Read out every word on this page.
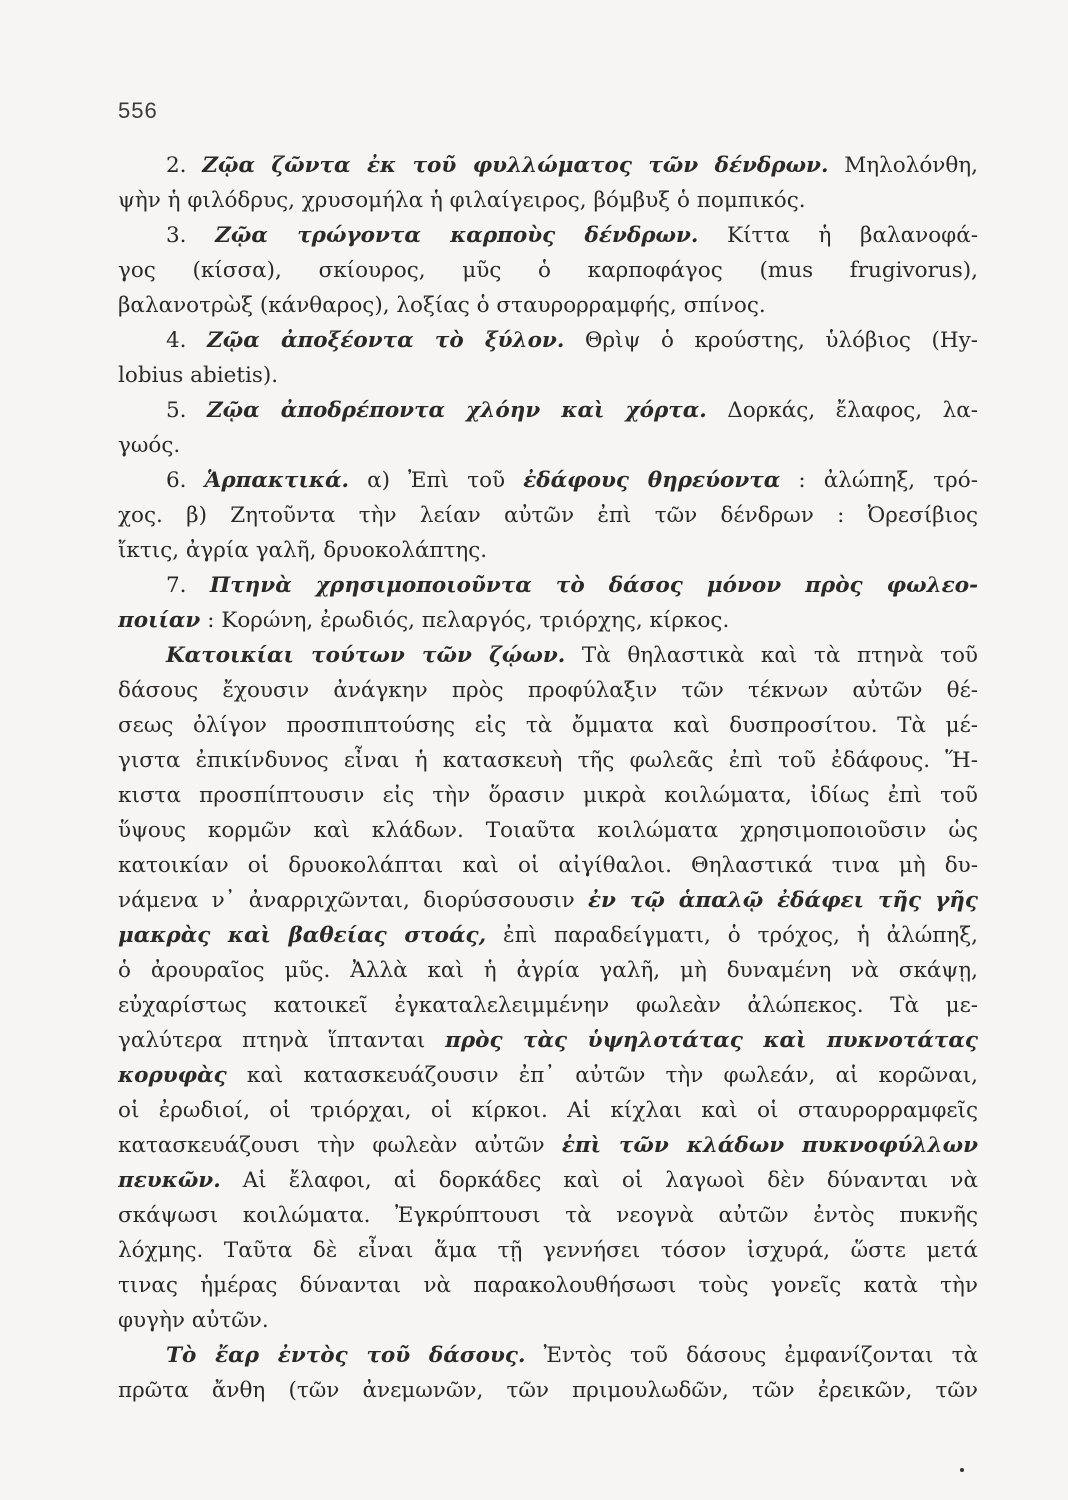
556
2. Ζῷα ζῶντα ἐκ τοῦ φυλλώματος τῶν δένδρων. Μηλολόνθη,
ψὴν ἡ φιλόδρυς, χρυσομήλα ἡ φιλαίγειρος, βόμβυξ ὁ πομπικός.
3. Ζῷα τρώγοντα καρποὺς δένδρων. Κίττα ἡ βαλανοφά-
γος (κίσσα), σκίουρος, μῦς ὁ καρποφάγος (mus frugivorus),
βαλανοτρὼξ (κάνθαρος), λοξίας ὁ σταυρορραμφής, σπίνος.
4. Ζῷα ἀποξέοντα τὸ ξύλον. Θρὶψ ὁ κρούστης, ὑλόβιος (Hy-
lobius abietis).
5. Ζῷα ἀποδρέποντα χλόην καὶ χόρτα. Δορκάς, ἔλαφος, λα-
γωός.
6. Ἁρπακτικά. α) Ἐπὶ τοῦ ἐδάφους θηρεύοντα : ἀλώπηξ, τρό-
χος. β) Ζητοῦντα τὴν λείαν αὐτῶν ἐπὶ τῶν δένδρων : Ὀρεσίβιος
ἴκτις, ἀγρία γαλῆ, δρυοκολάπτης.
7. Πτηνὰ χρησιμοποιοῦντα τὸ δάσος μόνον πρὸς φωλεο-
ποιίαν : Κορώνη, ἐρωδιός, πελαργός, τριόρχης, κίρκος.
Κατοικίαι τούτων τῶν ζῴων. Τὰ θηλαστικὰ καὶ τὰ πτηνὰ τοῦ
δάσους ἔχουσιν ἀνάγκην πρὸς προφύλαξιν τῶν τέκνων αὐτῶν θέ-
σεως ὀλίγον προσπιπτούσης εἰς τὰ ὄμματα καὶ δυσπροσίτου. Τὰ μέ-
γιστα ἐπικίνδυνος εἶναι ἡ κατασκευὴ τῆς φωλεᾶς ἐπὶ τοῦ ἐδάφους. Ἥ-
κιστα προσπίπτουσιν εἰς τὴν ὅρασιν μικρὰ κοιλώματα, ἰδίως ἐπὶ τοῦ
ὕψους κορμῶν καὶ κλάδων. Τοιαῦτα κοιλώματα χρησιμοποιοῦσιν ὡς
κατοικίαν οἱ δρυοκολάπται καὶ οἱ αἰγίθαλοι. Θηλαστικά τινα μὴ δυ-
νάμενα ν᾽ ἀναρριχῶνται, διορύσσουσιν ἐν τῷ ἁπαλῷ ἐδάφει τῆς γῆς
μακρὰς καὶ βαθείας στοάς, ἐπὶ παραδείγματι, ὁ τρόχος, ἡ ἀλώπηξ,
ὁ ἀρουραῖος μῦς. Ἀλλὰ καὶ ἡ ἀγρία γαλῆ, μὴ δυναμένη νὰ σκάψῃ,
εὐχαρίστως κατοικεῖ ἐγκαταλελειμμένην φωλεὰν ἀλώπεκος. Τὰ με-
γαλύτερα πτηνὰ ἵπτανται πρὸς τὰς ὑψηλοτάτας καὶ πυκνοτάτας
κορυφὰς καὶ κατασκευάζουσιν ἐπ᾽ αὐτῶν τὴν φωλεάν, αἱ κορῶναι,
οἱ ἐρωδιοί, οἱ τριόρχαι, οἱ κίρκοι. Αἱ κίχλαι καὶ οἱ σταυρορραμφεῖς
κατασκευάζουσι τὴν φωλεὰν αὐτῶν ἐπὶ τῶν κλάδων πυκνοφύλλων
πευκῶν. Αἱ ἔλαφοι, αἱ δορκάδες καὶ οἱ λαγωοὶ δὲν δύνανται νὰ
σκάψωσι κοιλώματα. Ἐγκρύπτουσι τὰ νεογνὰ αὐτῶν ἐντὸς πυκνῆς
λόχμης. Ταῦτα δὲ εἶναι ἅμα τῇ γεννήσει τόσον ἰσχυρά, ὥστε μετά
τινας ἡμέρας δύνανται νὰ παρακολουθήσωσι τοὺς γονεῖς κατὰ τὴν
φυγὴν αὐτῶν.
Τὸ ἔαρ ἐντὸς τοῦ δάσους. Ἐντὸς τοῦ δάσους ἐμφανίζονται τὰ
πρῶτα ἄνθη (τῶν ἀνεμωνῶν, τῶν πριμουλωδῶν, τῶν ἐρεικῶν, τῶν
